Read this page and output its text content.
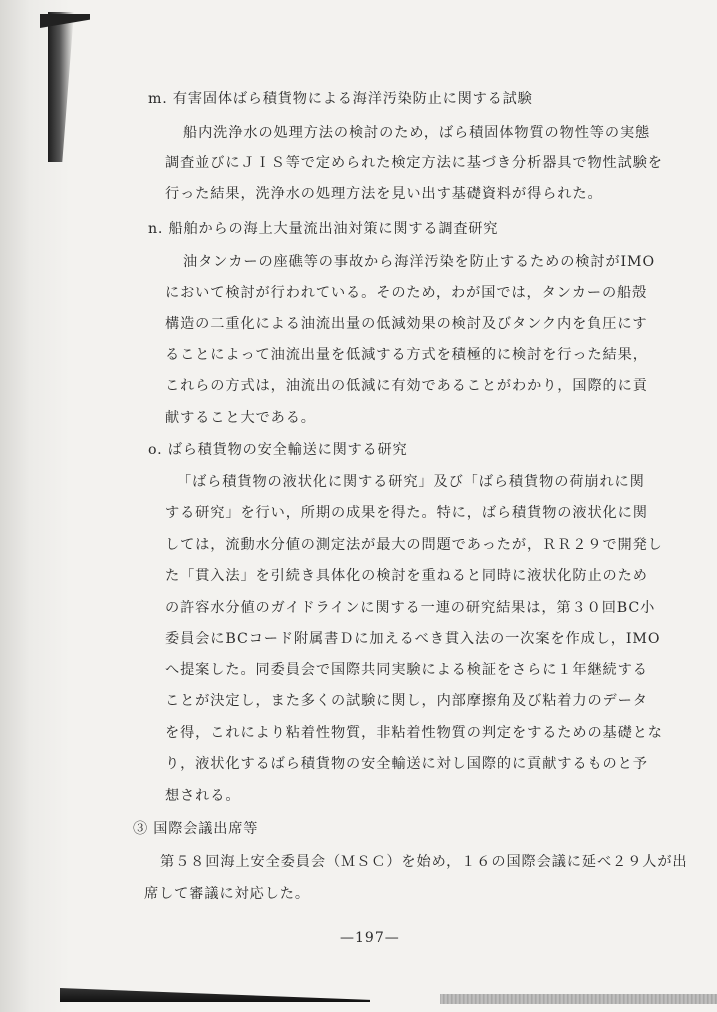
m. 有害固体ばら積貨物による海洋汚染防止に関する試験
船内洗浄水の処理方法の検討のため，ばら積固体物質の物性等の実態
調査並びにＪＩＳ等で定められた検定方法に基づき分析器具で物性試験を
行った結果，洗浄水の処理方法を見い出す基礎資料が得られた。
n. 船舶からの海上大量流出油対策に関する調査研究
油タンカーの座礁等の事故から海洋汚染を防止するための検討がIMO
において検討が行われている。そのため，わが国では，タンカーの船殻
構造の二重化による油流出量の低減効果の検討及びタンク内を負圧にす
ることによって油流出量を低減する方式を積極的に検討を行った結果，
これらの方式は，油流出の低減に有効であることがわかり，国際的に貢
献すること大である。
o. ばら積貨物の安全輸送に関する研究
「ばら積貨物の液状化に関する研究」及び「ばら積貨物の荷崩れに関
する研究」を行い，所期の成果を得た。特に，ばら積貨物の液状化に関
しては，流動水分値の測定法が最大の問題であったが，ＲＲ２９で開発し
た「貫入法」を引続き具体化の検討を重ねると同時に液状化防止のため
の許容水分値のガイドラインに関する一連の研究結果は，第３０回BC小
委員会にBCコード附属書Ｄに加えるべき貫入法の一次案を作成し，IMO
へ提案した。同委員会で国際共同実験による検証をさらに１年継続する
ことが決定し，また多くの試験に関し，内部摩擦角及び粘着力のデータ
を得，これにより粘着性物質，非粘着性物質の判定をするための基礎とな
り，液状化するばら積貨物の安全輸送に対し国際的に貢献するものと予
想される。
③ 国際会議出席等
第５８回海上安全委員会（ＭＳＣ）を始め，１６の国際会議に延べ２９人が出
席して審議に対応した。
—197—
